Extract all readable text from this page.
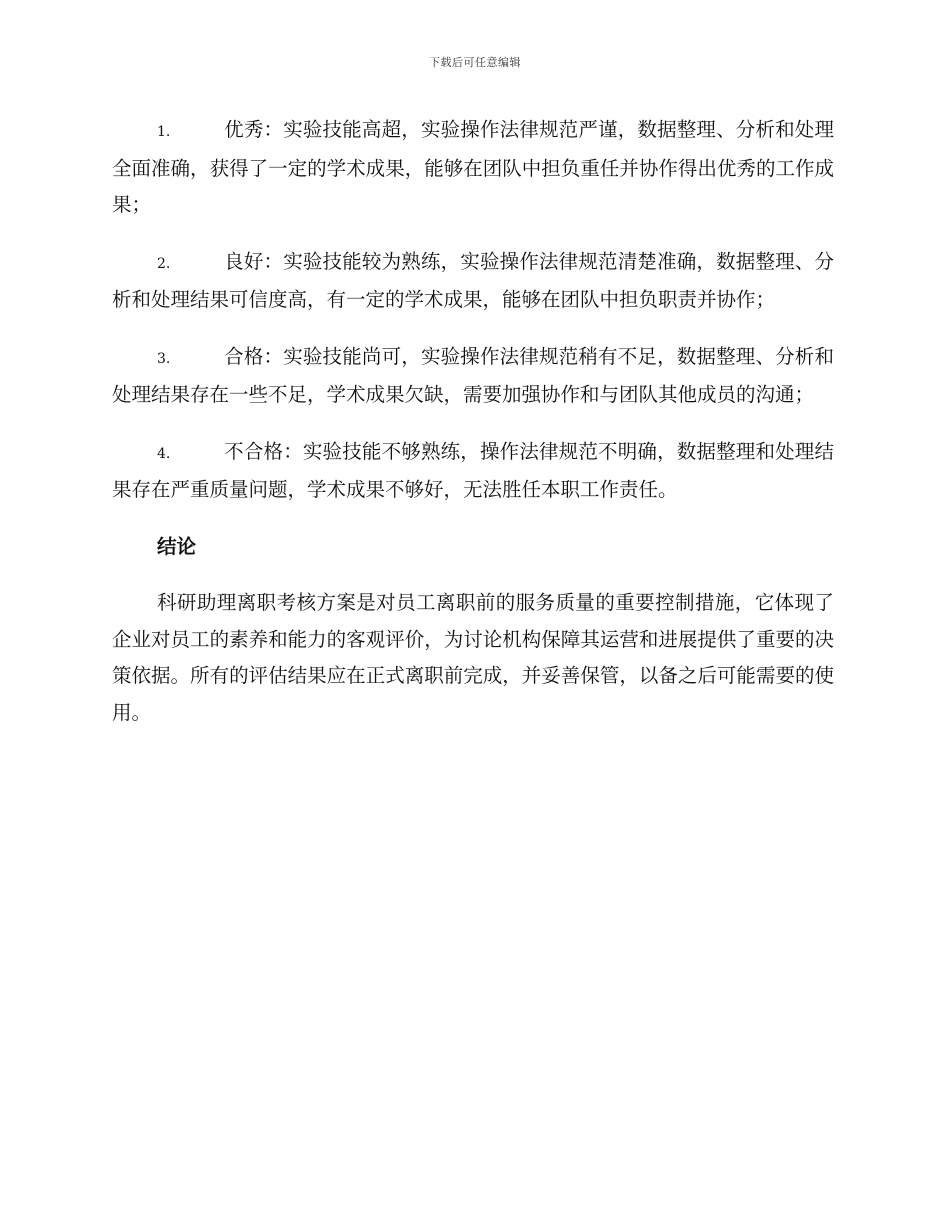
下载后可任意编辑

1.	优秀：实验技能高超，实验操作法律规范严谨，数据整理、分析和处理全面准确，获得了一定的学术成果，能够在团队中担负重任并协作得出优秀的工作成果；

2.	良好：实验技能较为熟练，实验操作法律规范清楚准确，数据整理、分析和处理结果可信度高，有一定的学术成果，能够在团队中担负职责并协作；

3.	合格：实验技能尚可，实验操作法律规范稍有不足，数据整理、分析和处理结果存在一些不足，学术成果欠缺，需要加强协作和与团队其他成员的沟通；

4.	不合格：实验技能不够熟练，操作法律规范不明确，数据整理和处理结果存在严重质量问题，学术成果不够好，无法胜任本职工作责任。

结论

科研助理离职考核方案是对员工离职前的服务质量的重要控制措施，它体现了企业对员工的素养和能力的客观评价，为讨论机构保障其运营和进展提供了重要的决策依据。所有的评估结果应在正式离职前完成，并妥善保管，以备之后可能需要的使用。
